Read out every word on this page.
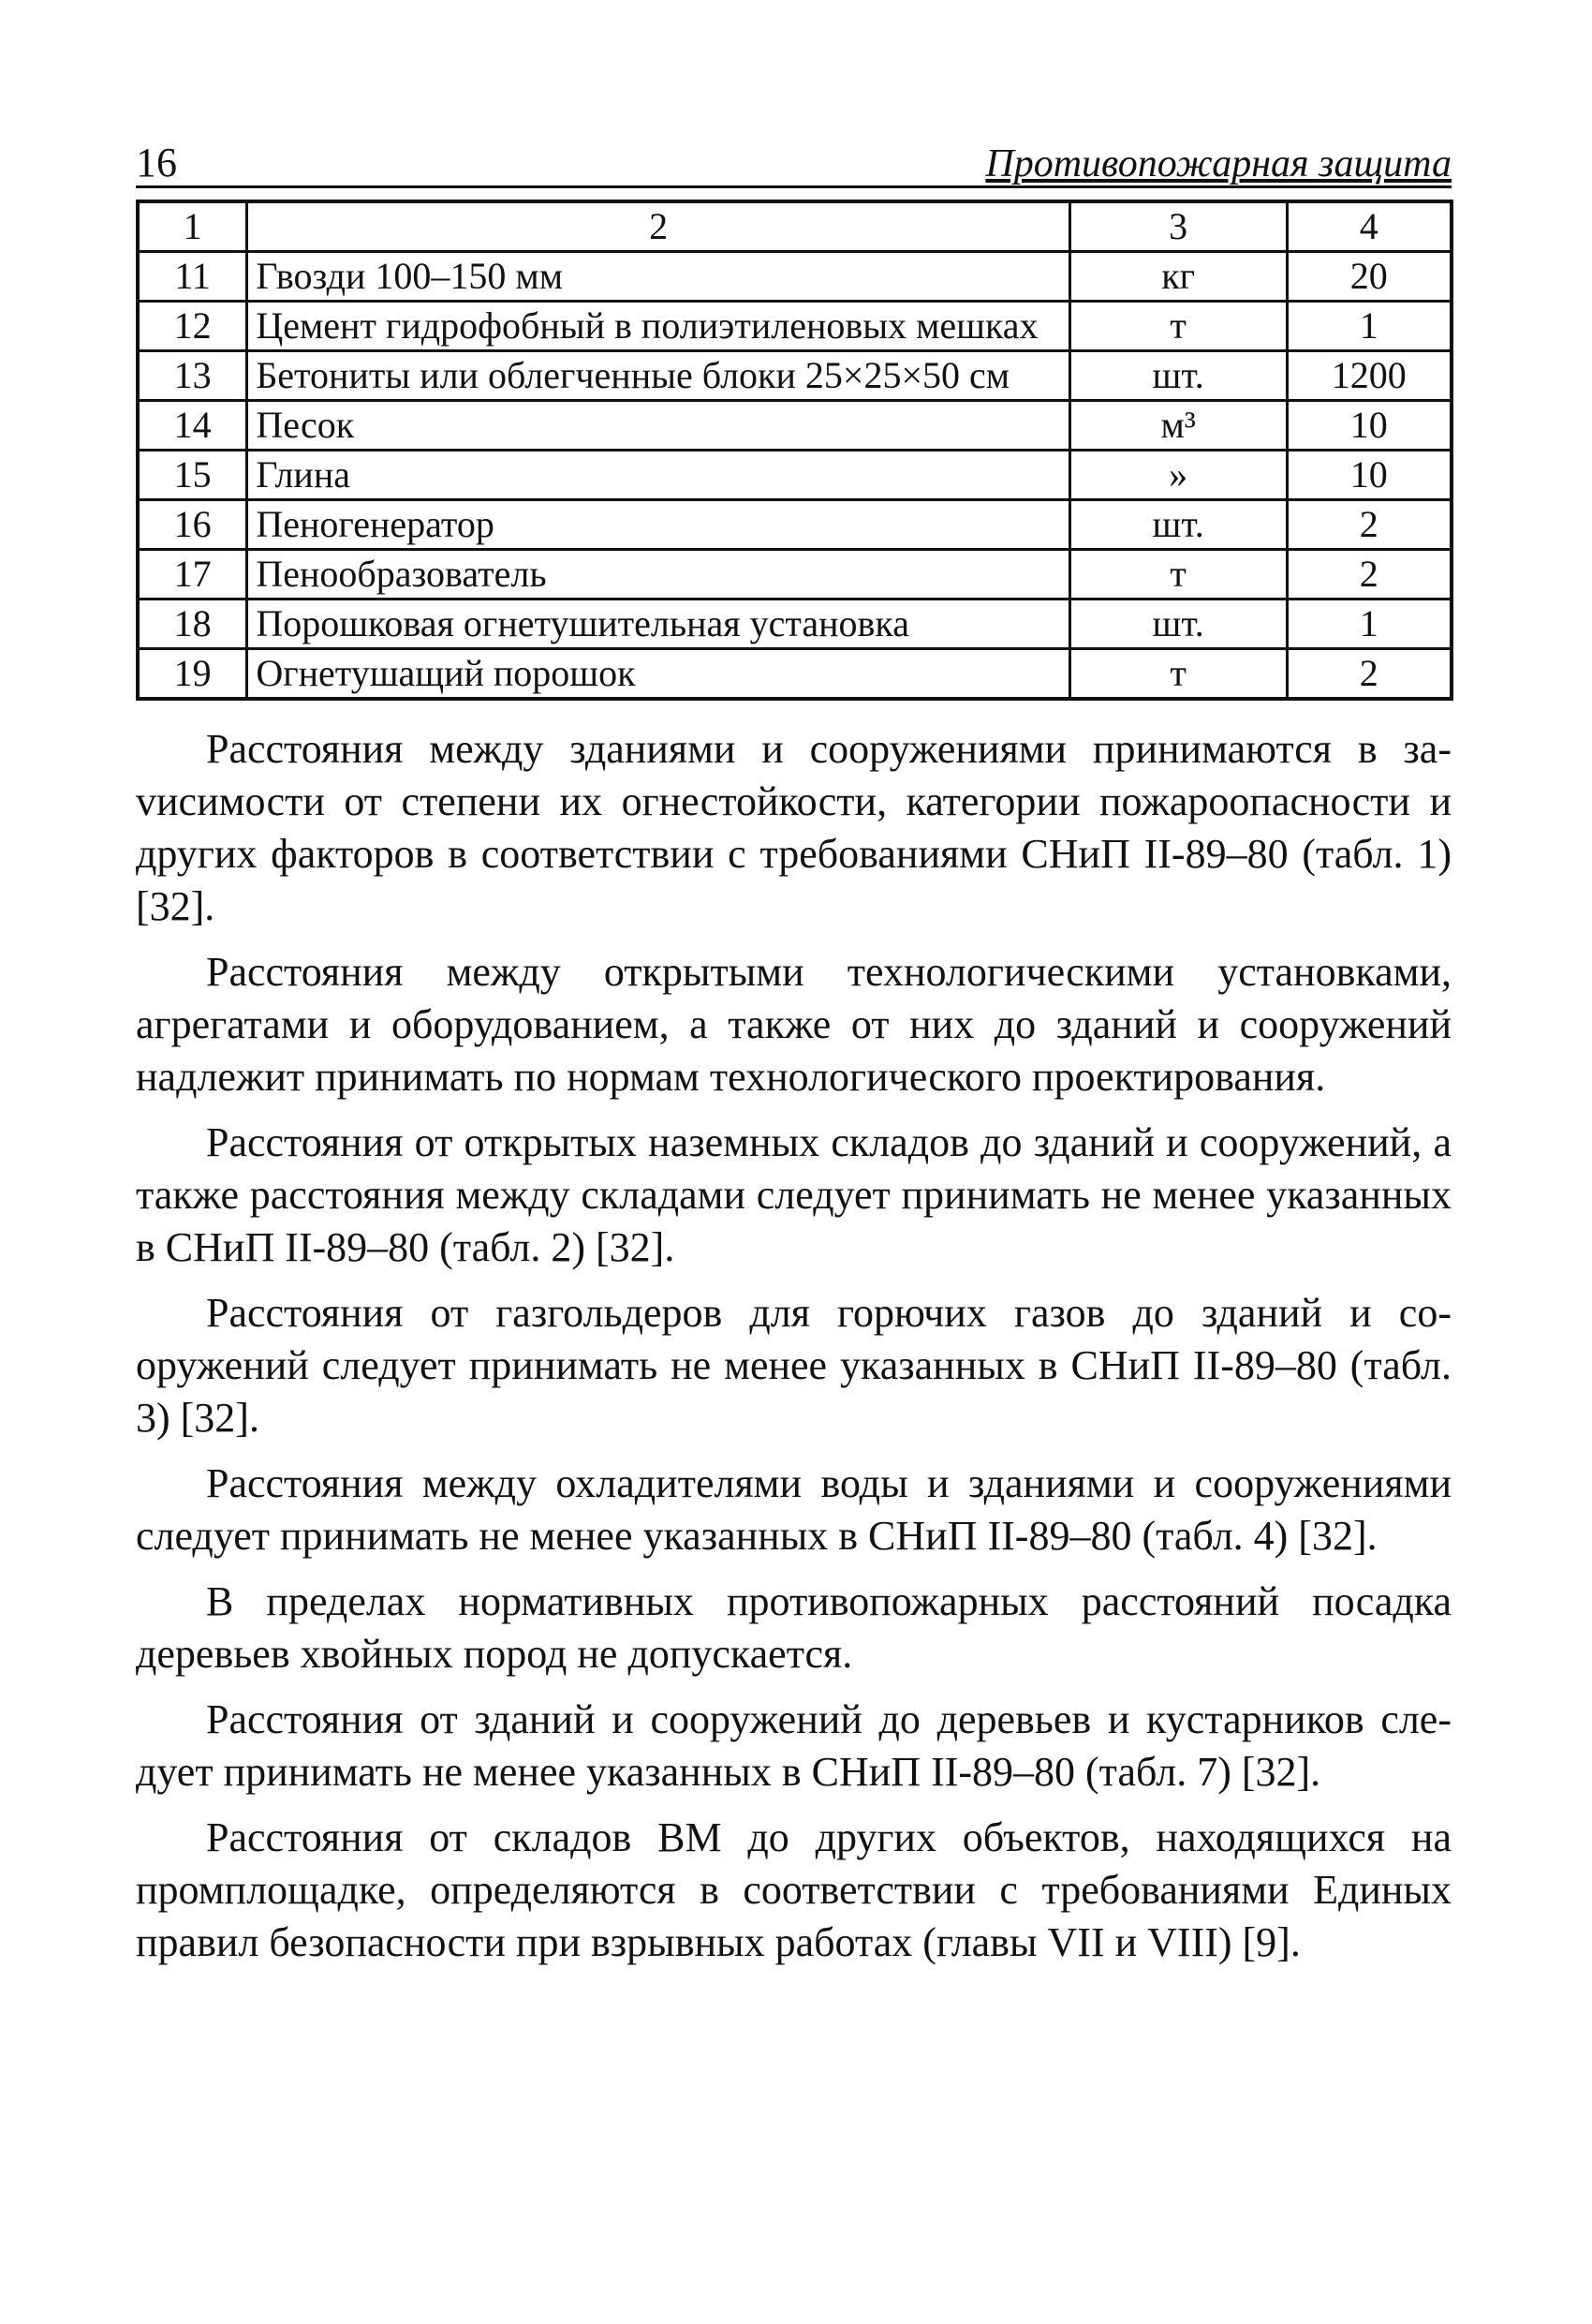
16	Противопожарная защита
1	2	3	4
11	Гвозди 100–150 мм	кг	20
12	Цемент гидрофобный в полиэтиленовых мешках	т	1
13	Бетониты или облегченные блоки 25×25×50 см	шт.	1200
14	Песок	м³	10
15	Глина	»	10
16	Пеногенератор	шт.	2
17	Пенообразователь	т	2
18	Порошковая огнетушительная установка	шт.	1
19	Огнетушащий порошок	т	2

Расстояния между зданиями и сооружениями принимаются в заvисимости от степени их огнестойкости, категории пожароопасности и других факторов в соответствии с требованиями СНиП II-89–80 (табл. 1) [32].

Расстояния между открытыми технологическими установками, агрегатами и оборудованием, а также от них до зданий и сооружений надлежит принимать по нормам технологического проектирования.

Расстояния от открытых наземных складов до зданий и сооружений, а также расстояния между складами следует принимать не менее указанных в СНиП II-89–80 (табл. 2) [32].

Расстояния от газгольдеров для горючих газов до зданий и сооружений следует принимать не менее указанных в СНиП II-89–80 (табл. 3) [32].

Расстояния между охладителями воды и зданиями и сооружениями следует принимать не менее указанных в СНиП II-89–80 (табл. 4) [32].

В пределах нормативных противопожарных расстояний посадка деревьев хвойных пород не допускается.

Расстояния от зданий и сооружений до деревьев и кустарников следует принимать не менее указанных в СНиП II-89–80 (табл. 7) [32].

Расстояния от складов ВМ до других объектов, находящихся на промплощадке, определяются в соответствии с требованиями Единых правил безопасности при взрывных работах (главы VII и VIII) [9].
